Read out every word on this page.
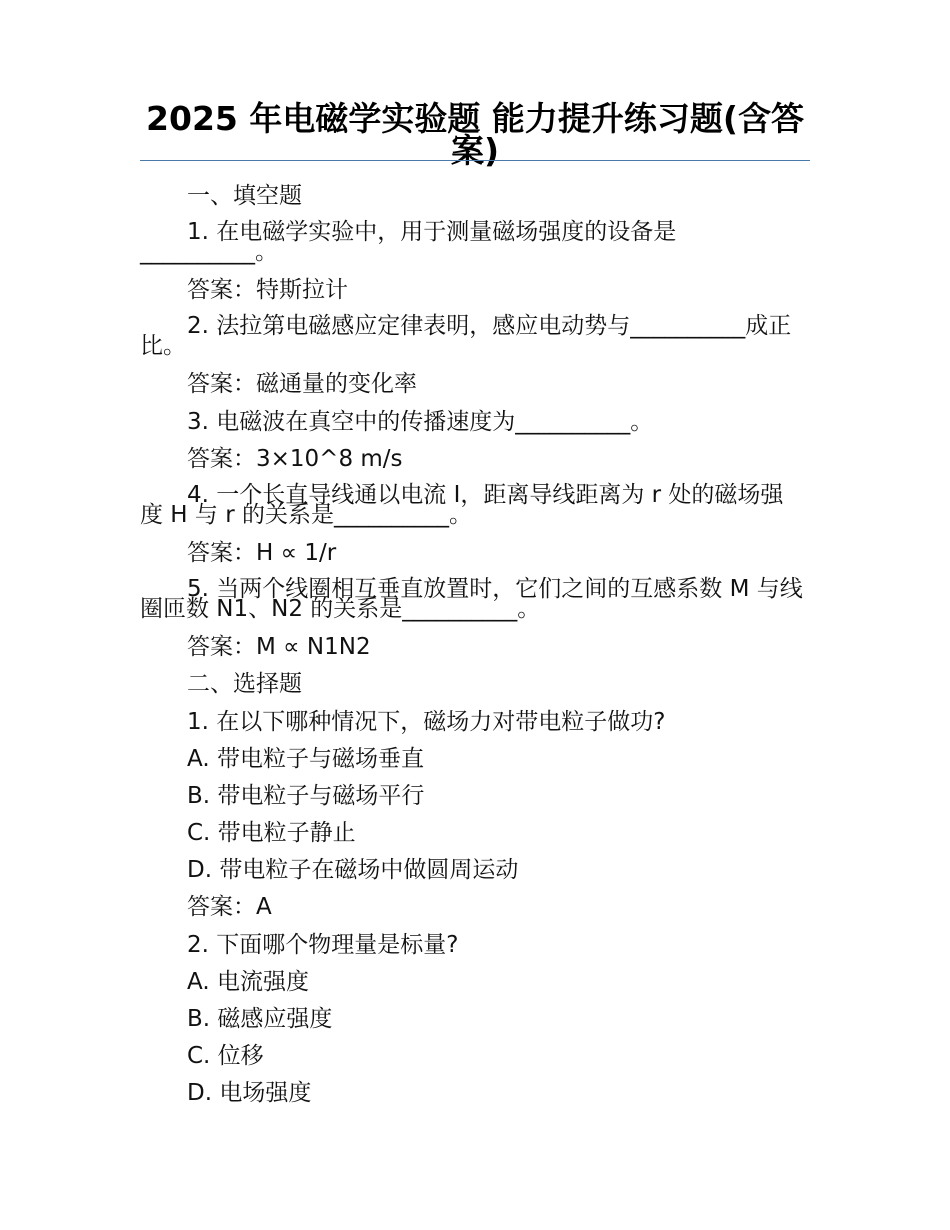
2025 年电磁学实验题 能力提升练习题(含答案)
一、填空题
1. 在电磁学实验中，用于测量磁场强度的设备是__________。
答案：特斯拉计
2. 法拉第电磁感应定律表明，感应电动势与__________成正比。
答案：磁通量的变化率
3. 电磁波在真空中的传播速度为__________。
答案：3×10^8 m/s
4. 一个长直导线通以电流 I，距离导线距离为 r 处的磁场强度 H 与 r 的关系是__________。
答案：H ∝ 1/r
5. 当两个线圈相互垂直放置时，它们之间的互感系数 M 与线圈匝数 N1、N2 的关系是__________。
答案：M ∝ N1N2
二、选择题
1. 在以下哪种情况下，磁场力对带电粒子做功?
A. 带电粒子与磁场垂直
B. 带电粒子与磁场平行
C. 带电粒子静止
D. 带电粒子在磁场中做圆周运动
答案：A
2. 下面哪个物理量是标量?
A. 电流强度
B. 磁感应强度
C. 位移
D. 电场强度
